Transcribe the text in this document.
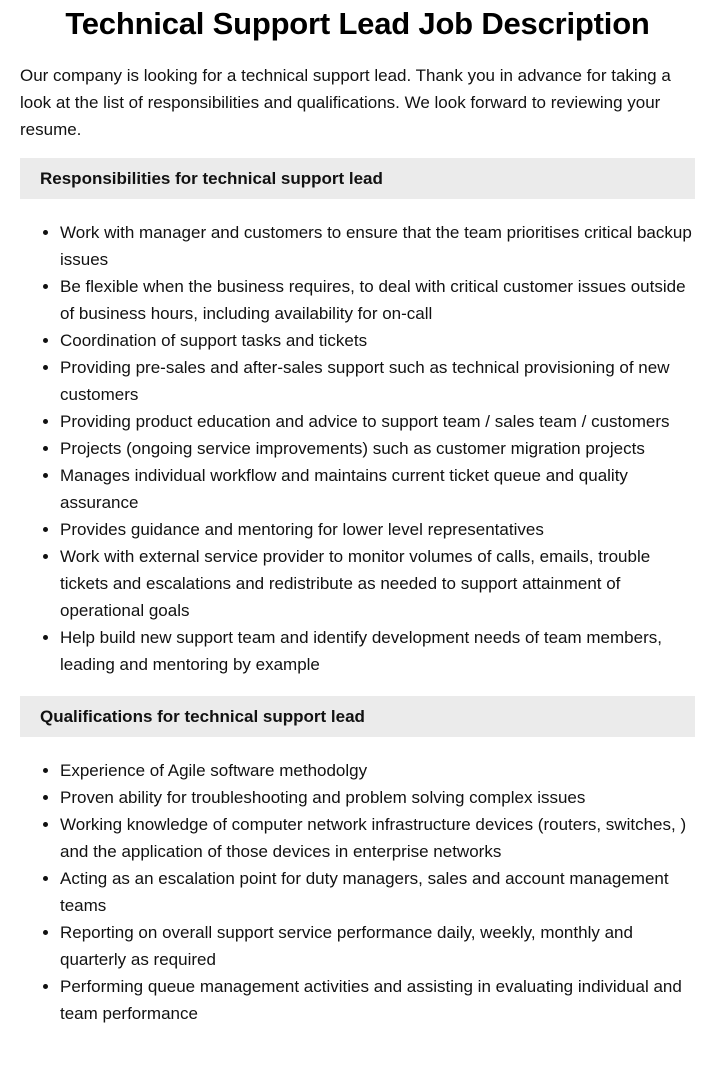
Technical Support Lead Job Description

Our company is looking for a technical support lead. Thank you in advance for taking a look at the list of responsibilities and qualifications. We look forward to reviewing your resume.

Responsibilities for technical support lead
• Work with manager and customers to ensure that the team prioritises critical backup issues
• Be flexible when the business requires, to deal with critical customer issues outside of business hours, including availability for on-call
• Coordination of support tasks and tickets
• Providing pre-sales and after-sales support such as technical provisioning of new customers
• Providing product education and advice to support team / sales team / customers
• Projects (ongoing service improvements) such as customer migration projects
• Manages individual workflow and maintains current ticket queue and quality assurance
• Provides guidance and mentoring for lower level representatives
• Work with external service provider to monitor volumes of calls, emails, trouble tickets and escalations and redistribute as needed to support attainment of operational goals
• Help build new support team and identify development needs of team members, leading and mentoring by example
Qualifications for technical support lead
• Experience of Agile software methodolgy
• Proven ability for troubleshooting and problem solving complex issues
• Working knowledge of computer network infrastructure devices (routers, switches, ) and the application of those devices in enterprise networks
• Acting as an escalation point for duty managers, sales and account management teams
• Reporting on overall support service performance daily, weekly, monthly and quarterly as required
• Performing queue management activities and assisting in evaluating individual and team performance
